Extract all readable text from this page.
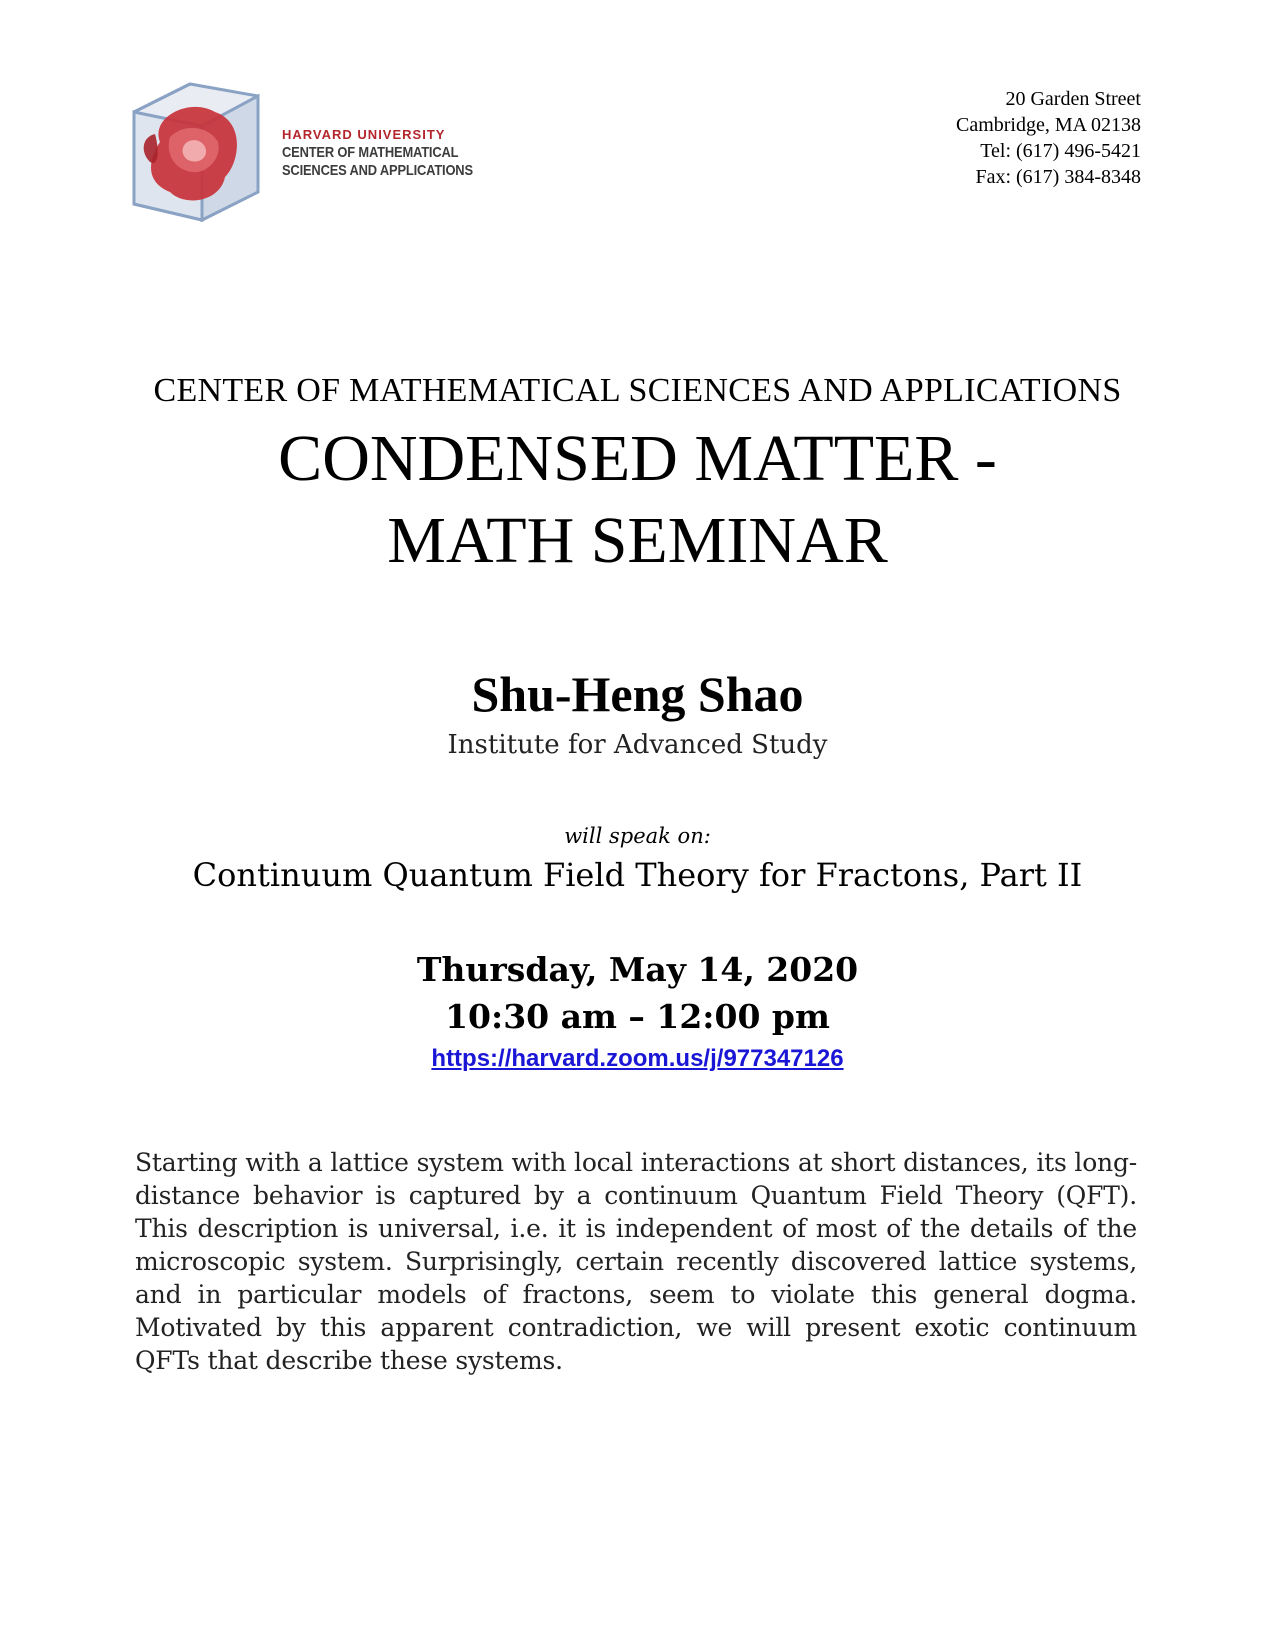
HARVARD UNIVERSITY
CENTER OF MATHEMATICAL
SCIENCES AND APPLICATIONS
20 Garden Street
Cambridge, MA 02138
Tel: (617) 496-5421
Fax: (617) 384-8348
CENTER OF MATHEMATICAL SCIENCES AND APPLICATIONS
CONDENSED MATTER -
MATH SEMINAR
Shu-Heng Shao
Institute for Advanced Study
will speak on:
Continuum Quantum Field Theory for Fractons, Part II
Thursday, May 14, 2020
10:30 am – 12:00 pm
https://harvard.zoom.us/j/977347126
Starting with a lattice system with local interactions at short distances, its long-distance behavior is captured by a continuum Quantum Field Theory (QFT). This description is universal, i.e. it is independent of most of the details of the microscopic system. Surprisingly, certain recently discovered lattice systems, and in particular models of fractons, seem to violate this general dogma. Motivated by this apparent contradiction, we will present exotic continuum QFTs that describe these systems.
